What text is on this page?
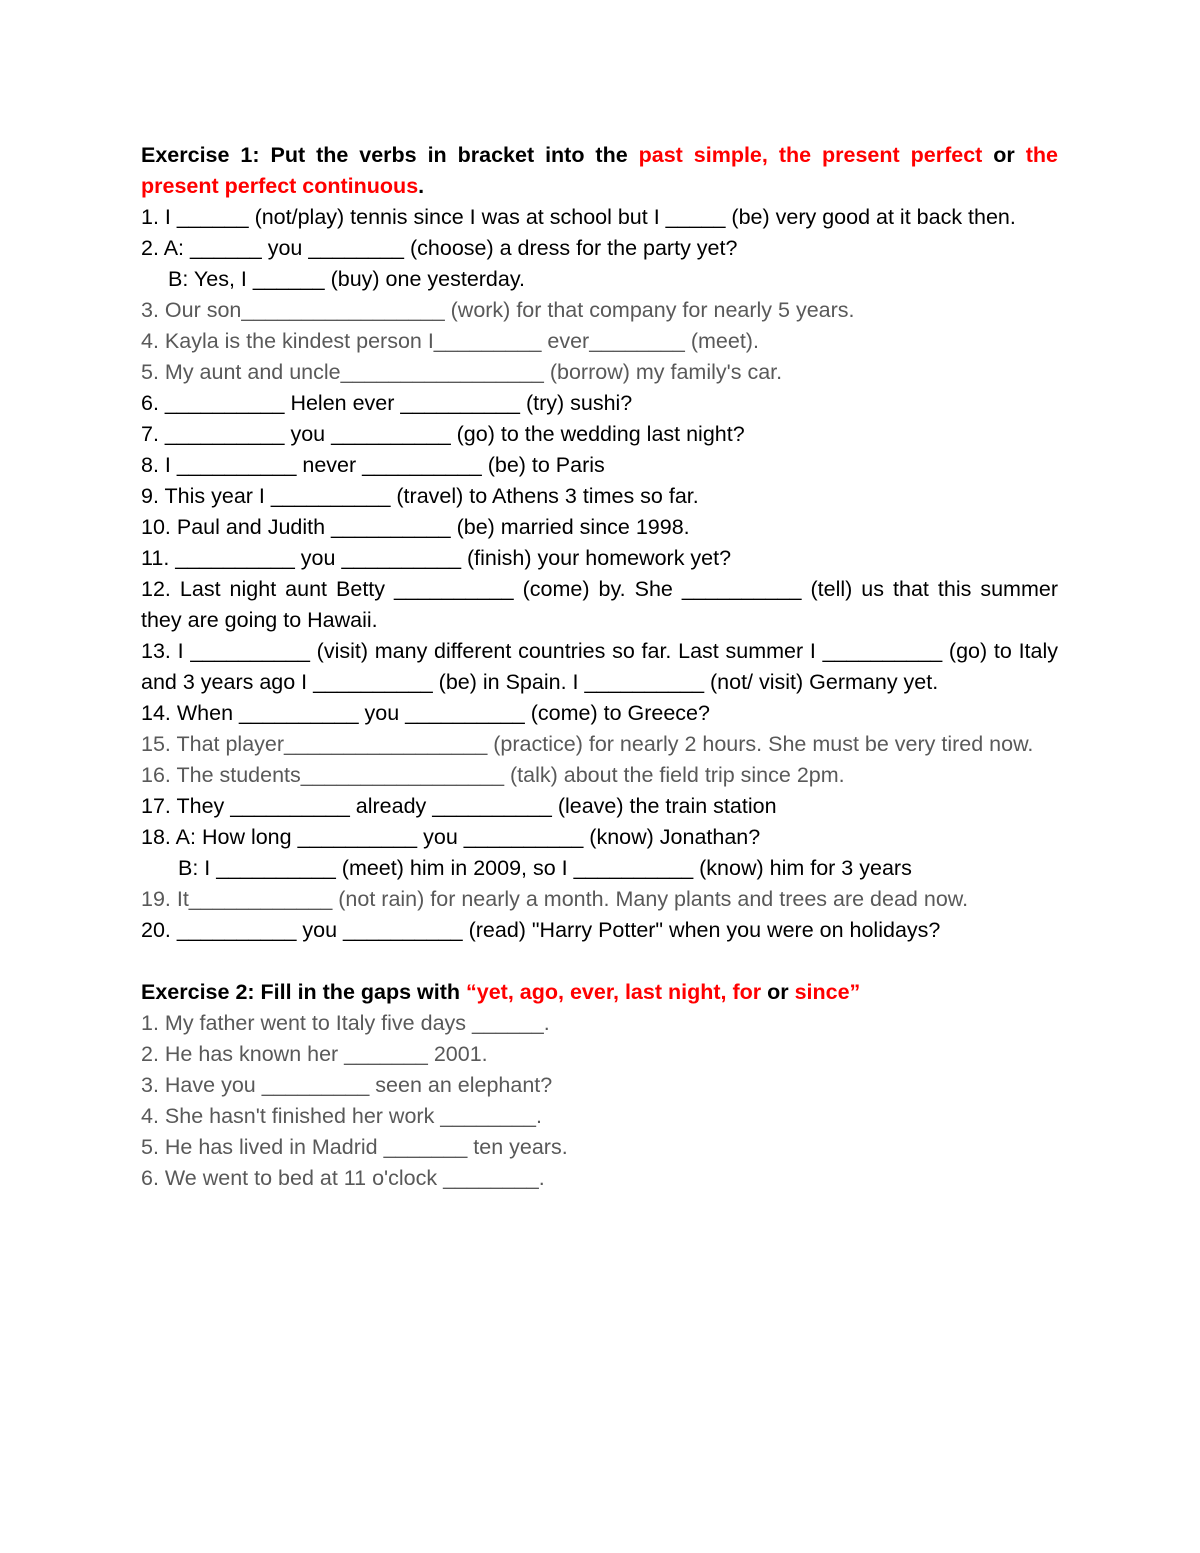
Exercise 1: Put the verbs in bracket into the past simple, the present perfect or the present perfect continuous.

1. I ______ (not/play) tennis since I was at school but I _____ (be) very good at it back then.

2. A: ______ you ________ (choose) a dress for the party yet?

B: Yes, I ______ (buy) one yesterday.

3. Our son_________________ (work) for that company for nearly 5 years.

4. Kayla is the kindest person I_________ ever________ (meet).

5. My aunt and uncle_________________ (borrow) my family's car.

6. __________ Helen ever __________ (try) sushi?

7. __________ you __________ (go) to the wedding last night?

8. I __________ never __________ (be) to Paris

9. This year I __________ (travel) to Athens 3 times so far.

10. Paul and Judith __________ (be) married since 1998.

11. __________ you __________ (finish) your homework yet?

12. Last night aunt Betty __________ (come) by. She __________ (tell) us that this summer they are going to Hawaii.

13. I __________ (visit) many different countries so far. Last summer I __________ (go) to Italy and 3 years ago I __________ (be) in Spain. I __________ (not/ visit) Germany yet.

14. When __________ you __________ (come) to Greece?

15. That player_________________ (practice) for nearly 2 hours. She must be very tired now.

16. The students_________________ (talk) about the field trip since 2pm.

17. They __________ already __________ (leave) the train station

18. A: How long __________ you __________ (know) Jonathan?

B: I __________ (meet) him in 2009, so I __________ (know) him for 3 years

19. It____________ (not rain) for nearly a month. Many plants and trees are dead now.

20. __________ you __________ (read) "Harry Potter" when you were on holidays?

Exercise 2: Fill in the gaps with “yet, ago, ever, last night, for or since”

1. My father went to Italy five days ______.

2. He has known her _______ 2001.

3. Have you _________ seen an elephant?

4. She hasn't finished her work ________.

5. He has lived in Madrid _______ ten years.

6. We went to bed at 11 o'clock ________.
